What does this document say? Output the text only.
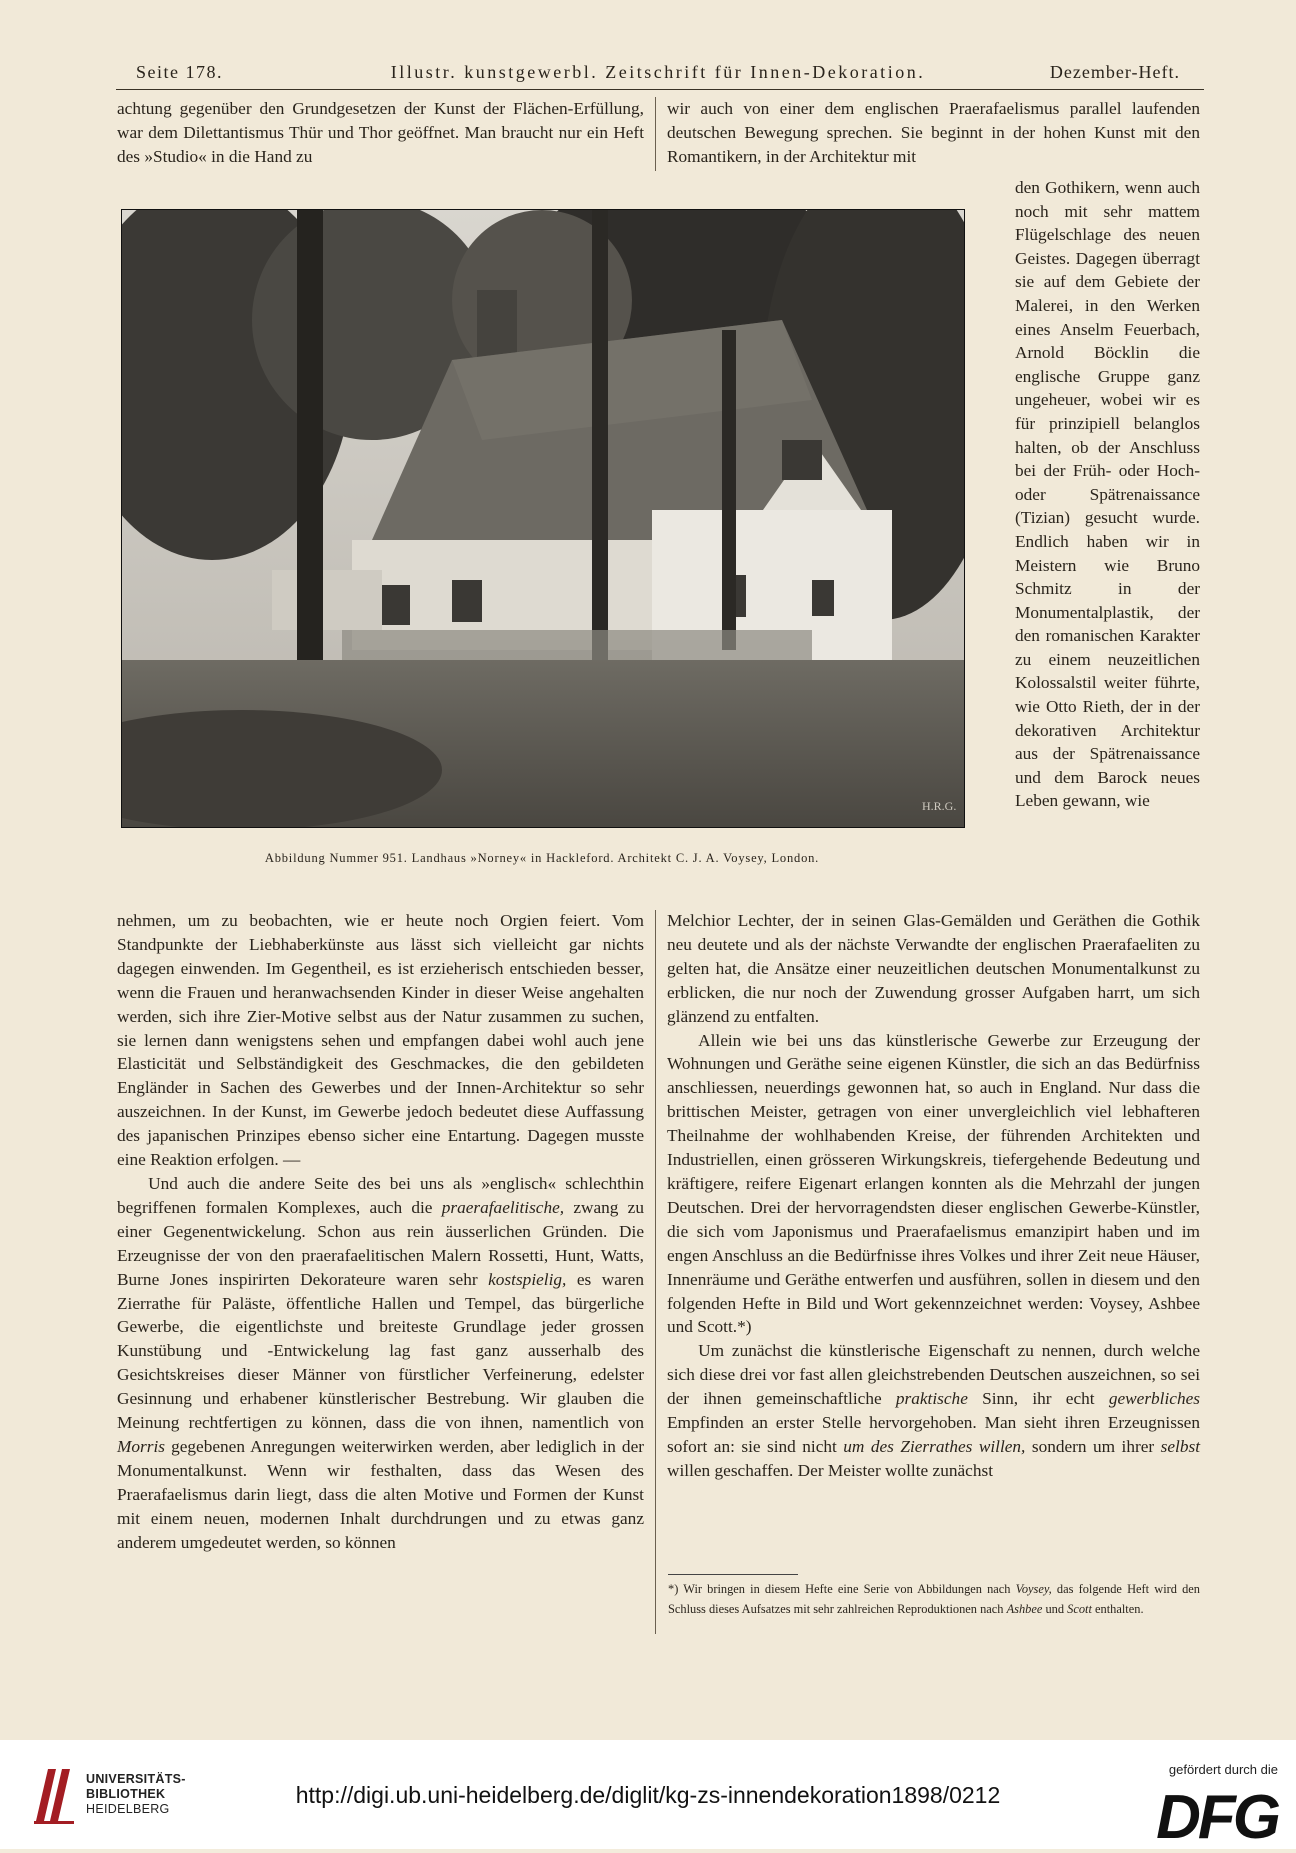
Seite 178.	Illustr. kunstgewerbl. Zeitschrift für Innen-Dekoration.	Dezember-Heft.

achtung gegenüber den Grundgesetzen der Kunst der Flächen-Erfüllung, war dem Dilettantismus Thür und Thor geöffnet. Man braucht nur ein Heft des »Studio« in die Hand zu

wir auch von einer dem englischen Praerafaelismus parallel laufenden deutschen Bewegung sprechen. Sie beginnt in der hohen Kunst mit den Romantikern, in der Architektur mit

den Gothikern, wenn auch noch mit sehr mattem Flügelschlage des neuen Geistes. Dagegen überragt sie auf dem Gebiete der Malerei, in den Werken eines Anselm Feuerbach, Arnold Böcklin die englische Gruppe ganz ungeheuer, wobei wir es für prinzipiell belanglos halten, ob der Anschluss bei der Früh- oder Hoch- oder Spätrenaissance (Tizian) gesucht wurde. Endlich haben wir in Meistern wie Bruno Schmitz in der Monumentalplastik, der den romanischen Karakter zu einem neuzeitlichen Kolossalstil weiter führte, wie Otto Rieth, der in der dekorativen Architektur aus der Spätrenaissance und dem Barock neues Leben gewann, wie

H.R.G.
Abbildung Nummer 951. Landhaus »Norney« in Hackleford. Architekt C. J. A. Voysey, London.

nehmen, um zu beobachten, wie er heute noch Orgien feiert. Vom Standpunkte der Liebhaberkünste aus lässt sich vielleicht gar nichts dagegen einwenden. Im Gegentheil, es ist erzieherisch entschieden besser, wenn die Frauen und heranwachsenden Kinder in dieser Weise angehalten werden, sich ihre Zier-Motive selbst aus der Natur zusammen zu suchen, sie lernen dann wenigstens sehen und empfangen dabei wohl auch jene Elasticität und Selbständigkeit des Geschmackes, die den gebildeten Engländer in Sachen des Gewerbes und der Innen-Architektur so sehr auszeichnen. In der Kunst, im Gewerbe jedoch bedeutet diese Auffassung des japanischen Prinzipes ebenso sicher eine Entartung. Dagegen musste eine Reaktion erfolgen. —

Und auch die andere Seite des bei uns als »englisch« schlechthin begriffenen formalen Komplexes, auch die praerafaelitische, zwang zu einer Gegenentwickelung. Schon aus rein äusserlichen Gründen. Die Erzeugnisse der von den praerafaelitischen Malern Rossetti, Hunt, Watts, Burne Jones inspirirten Dekorateure waren sehr kostspielig, es waren Zierrathe für Paläste, öffentliche Hallen und Tempel, das bürgerliche Gewerbe, die eigentlichste und breiteste Grundlage jeder grossen Kunstübung und -Entwickelung lag fast ganz ausserhalb des Gesichtskreises dieser Männer von fürstlicher Verfeinerung, edelster Gesinnung und erhabener künstlerischer Bestrebung. Wir glauben die Meinung rechtfertigen zu können, dass die von ihnen, namentlich von Morris gegebenen Anregungen weiterwirken werden, aber lediglich in der Monumentalkunst. Wenn wir festhalten, dass das Wesen des Praerafaelismus darin liegt, dass die alten Motive und Formen der Kunst mit einem neuen, modernen Inhalt durchdrungen und zu etwas ganz anderem umgedeutet werden, so können

Melchior Lechter, der in seinen Glas-Gemälden und Geräthen die Gothik neu deutete und als der nächste Verwandte der englischen Praerafaeliten zu gelten hat, die Ansätze einer neuzeitlichen deutschen Monumentalkunst zu erblicken, die nur noch der Zuwendung grosser Aufgaben harrt, um sich glänzend zu entfalten.

Allein wie bei uns das künstlerische Gewerbe zur Erzeugung der Wohnungen und Geräthe seine eigenen Künstler, die sich an das Bedürfniss anschliessen, neuerdings gewonnen hat, so auch in England. Nur dass die brittischen Meister, getragen von einer unvergleichlich viel lebhafteren Theilnahme der wohlhabenden Kreise, der führenden Architekten und Industriellen, einen grösseren Wirkungskreis, tiefergehende Bedeutung und kräftigere, reifere Eigenart erlangen konnten als die Mehrzahl der jungen Deutschen. Drei der hervorragendsten dieser englischen Gewerbe-Künstler, die sich vom Japonismus und Praerafaelismus emanzipirt haben und im engen Anschluss an die Bedürfnisse ihres Volkes und ihrer Zeit neue Häuser, Innenräume und Geräthe entwerfen und ausführen, sollen in diesem und den folgenden Hefte in Bild und Wort gekennzeichnet werden: Voysey, Ashbee und Scott.*)

Um zunächst die künstlerische Eigenschaft zu nennen, durch welche sich diese drei vor fast allen gleichstrebenden Deutschen auszeichnen, so sei der ihnen gemeinschaftliche praktische Sinn, ihr echt gewerbliches Empfinden an erster Stelle hervorgehoben. Man sieht ihren Erzeugnissen sofort an: sie sind nicht um des Zierrathes willen, sondern um ihrer selbst willen geschaffen. Der Meister wollte zunächst

*) Wir bringen in diesem Hefte eine Serie von Abbildungen nach Voysey, das folgende Heft wird den Schluss dieses Aufsatzes mit sehr zahlreichen Reproduktionen nach Ashbee und Scott enthalten.
UNIVERSITÄTS-
BIBLIOTHEK
HEIDELBERG
http://digi.ub.uni-heidelberg.de/diglit/kg-zs-innendekoration1898/0212
gefördert durch die
DFG
